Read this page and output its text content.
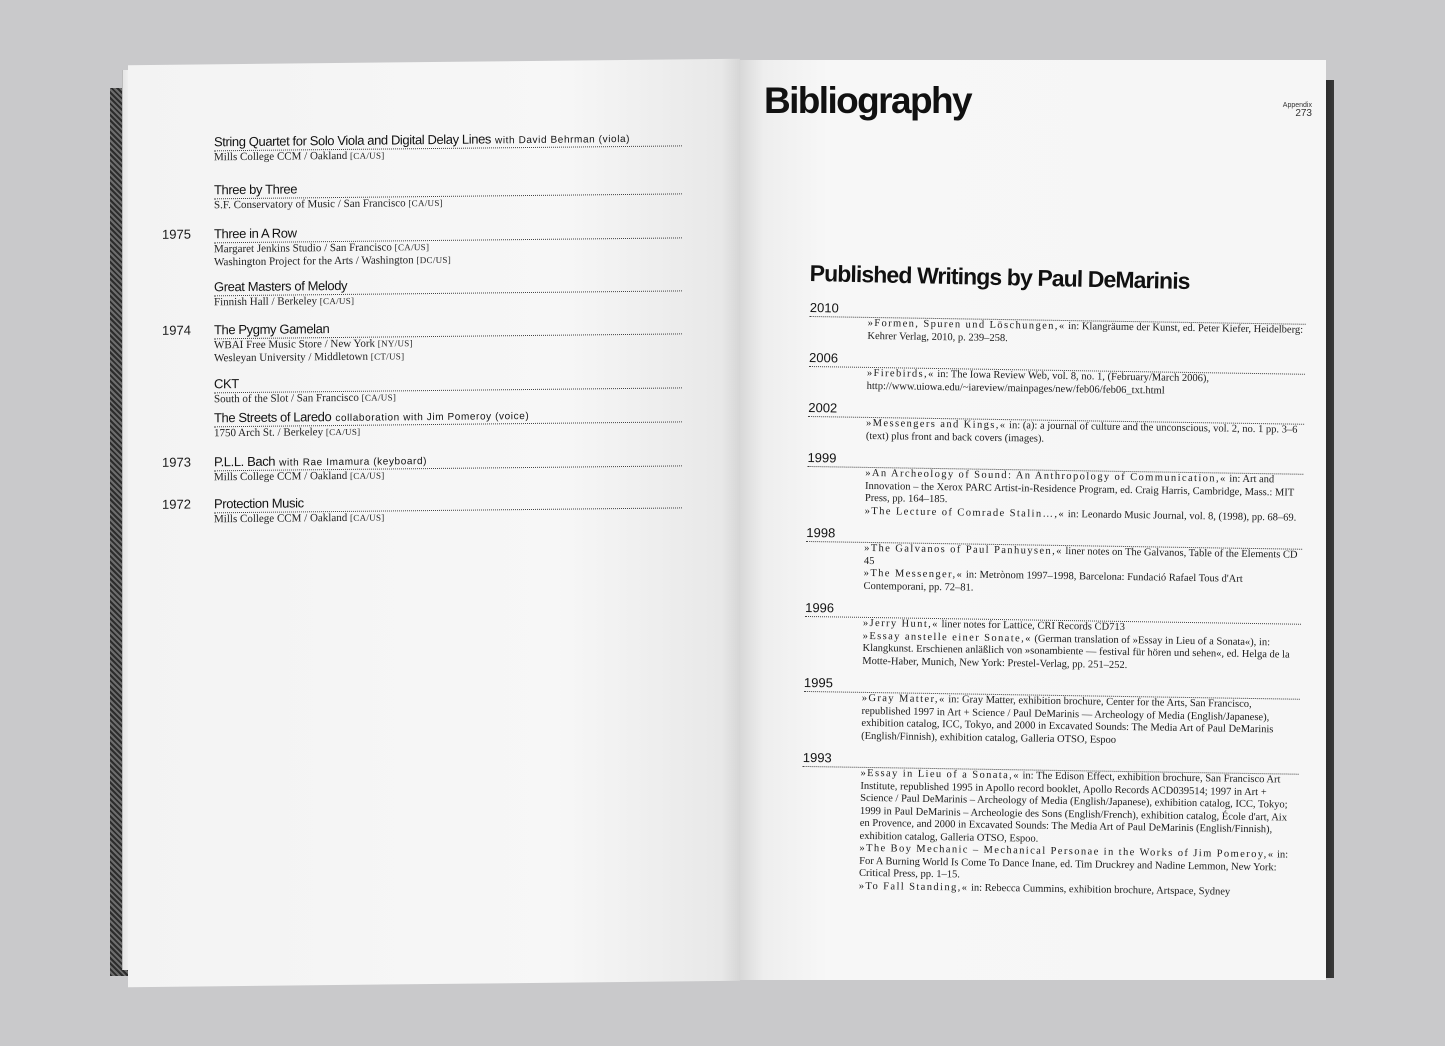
String Quartet for Solo Viola and Digital Delay Lines with David Behrman (viola)
Mills College CCM / Oakland [CA/US]
Three by Three
S.F. Conservatory of Music / San Francisco [CA/US]
1975 Three in A Row
Margaret Jenkins Studio / San Francisco [CA/US]
Washington Project for the Arts / Washington [DC/US]
Great Masters of Melody
Finnish Hall / Berkeley [CA/US]
1974 The Pygmy Gamelan
WBAI Free Music Store / New York [NY/US]
Wesleyan University / Middletown [CT/US]
CKT
South of the Slot / San Francisco [CA/US]
The Streets of Laredo collaboration with Jim Pomeroy (voice)
1750 Arch St. / Berkeley [CA/US]
1973 P.L.L. Bach with Rae Imamura (keyboard)
Mills College CCM / Oakland [CA/US]
1972 Protection Music
Mills College CCM / Oakland [CA/US]
Bibliography	Appendix
273
Published Writings by Paul DeMarinis
2010
»Formen, Spuren und Löschungen,« in: Klangräume der Kunst, ed. Peter Kiefer, Heidelberg: Kehrer Verlag, 2010, p. 239–258.
2006
»Firebirds,« in: The Iowa Review Web, vol. 8, no. 1, (February/March 2006), http://www.uiowa.edu/~iareview/mainpages/new/feb06/feb06_txt.html
2002
»Messengers and Kings,« in: (a): a journal of culture and the unconscious, vol. 2, no. 1 pp. 3–6 (text) plus front and back covers (images).
1999
»An Archeology of Sound: An Anthropology of Communication,« in: Art and Innovation – the Xerox PARC Artist-in-Residence Program, ed. Craig Harris, Cambridge, Mass.: MIT Press, pp. 164–185.
»The Lecture of Comrade Stalin…,« in: Leonardo Music Journal, vol. 8, (1998), pp. 68–69.
1998
»The Galvanos of Paul Panhuysen,« liner notes on The Galvanos, Table of the Elements CD 45
»The Messenger,« in: Metrònom 1997–1998, Barcelona: Fundació Rafael Tous d'Art Contemporani, pp. 72–81.
1996
»Jerry Hunt,« liner notes for Lattice, CRI Records CD713
»Essay anstelle einer Sonate,« (German translation of »Essay in Lieu of a Sonata«), in: Klangkunst. Erschienen anläßlich von »sonambiente — festival für hören und sehen«, ed. Helga de la Motte-Haber, Munich, New York: Prestel-Verlag, pp. 251–252.
1995
»Gray Matter,« in: Gray Matter, exhibition brochure, Center for the Arts, San Francisco, republished 1997 in Art + Science / Paul DeMarinis — Archeology of Media (English/Japanese), exhibition catalog, ICC, Tokyo, and 2000 in Excavated Sounds: The Media Art of Paul DeMarinis (English/Finnish), exhibition catalog, Galleria OTSO, Espoo
1993
»Essay in Lieu of a Sonata,« in: The Edison Effect, exhibition brochure, San Francisco Art Institute, republished 1995 in Apollo record booklet, Apollo Records ACD039514; 1997 in Art + Science / Paul DeMarinis – Archeology of Media (English/Japanese), exhibition catalog, ICC, Tokyo; 1999 in Paul DeMarinis – Archeologie des Sons (English/French), exhibition catalog, École d'art, Aix en Provence, and 2000 in Excavated Sounds: The Media Art of Paul DeMarinis (English/Finnish), exhibition catalog, Galleria OTSO, Espoo.
»The Boy Mechanic – Mechanical Personae in the Works of Jim Pomeroy,« in: For A Burning World Is Come To Dance Inane, ed. Tim Druckrey and Nadine Lemmon, New York: Critical Press, pp. 1–15.
»To Fall Standing,« in: Rebecca Cummins, exhibition brochure, Artspace, Sydney
